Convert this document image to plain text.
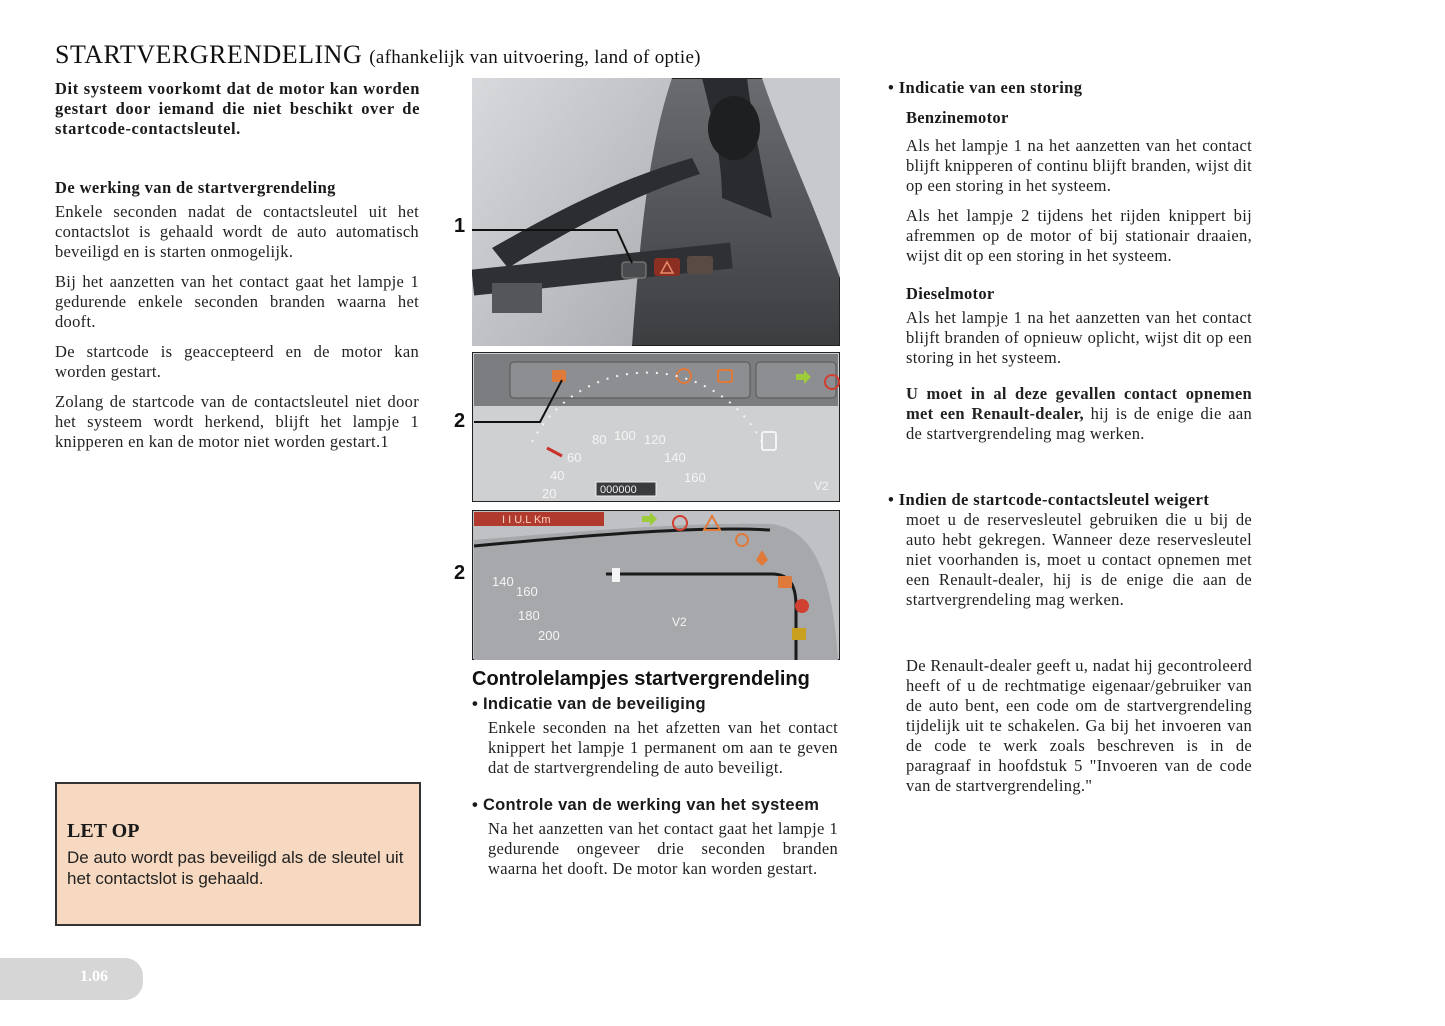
STARTVERGRENDELING (afhankelijk van uitvoering, land of optie)
Dit systeem voorkomt dat de motor kan worden gestart door iemand die niet beschikt over de startcode-contactsleutel.
De werking van de startvergrendeling

Enkele seconden nadat de contactsleutel uit het contactslot is gehaald wordt de auto automatisch beveiligd en is starten onmogelijk.

Bij het aanzetten van het contact gaat het lampje 1 gedurende enkele seconden branden waarna het dooft.

De startcode is geaccepteerd en de motor kan worden gestart.

Zolang de startcode van de contactsleutel niet door het systeem wordt herkend, blijft het lampje 1 knipperen en kan de motor niet worden gestart.1

LET OP
De auto wordt pas beveiligd als de sleutel uit het contactslot is gehaald.
1
2
2
60
80 100 120
140
160
40
20	000000	V2
I I U.L Km
140
160
180
200
V2
Controlelampjes startvergrendeling
• Indicatie van de beveiliging

Enkele seconden na het afzetten van het contact knippert het lampje 1 permanent om aan te geven dat de startvergrendeling de auto beveiligt.

• Controle van de werking van het systeem

Na het aanzetten van het contact gaat het lampje 1 gedurende ongeveer drie seconden branden waarna het dooft. De motor kan worden gestart.

• Indicatie van een storing
Benzinemotor

Als het lampje 1 na het aanzetten van het contact blijft knipperen of continu blijft branden, wijst dit op een storing in het systeem.

Als het lampje 2 tijdens het rijden knippert bij afremmen op de motor of bij stationair draaien, wijst dit op een storing in het systeem.

Dieselmotor

Als het lampje 1 na het aanzetten van het contact blijft branden of opnieuw oplicht, wijst dit op een storing in het systeem.

U moet in al deze gevallen contact opnemen met een Renault-dealer, hij is de enige die aan de startvergrendeling mag werken.

• Indien de startcode-contactsleutel weigert

moet u de reservesleutel gebruiken die u bij de auto hebt gekregen. Wanneer deze reservesleutel niet voorhanden is, moet u contact opnemen met een Renault-dealer, hij is de enige die aan de startvergrendeling mag werken.

De Renault-dealer geeft u, nadat hij gecontroleerd heeft of u de rechtmatige eigenaar/gebruiker van de auto bent, een code om de startvergrendeling tijdelijk uit te schakelen. Ga bij het invoeren van de code te werk zoals beschreven is in de paragraaf in hoofdstuk 5 "Invoeren van de code van de startvergrendeling."

1.06
